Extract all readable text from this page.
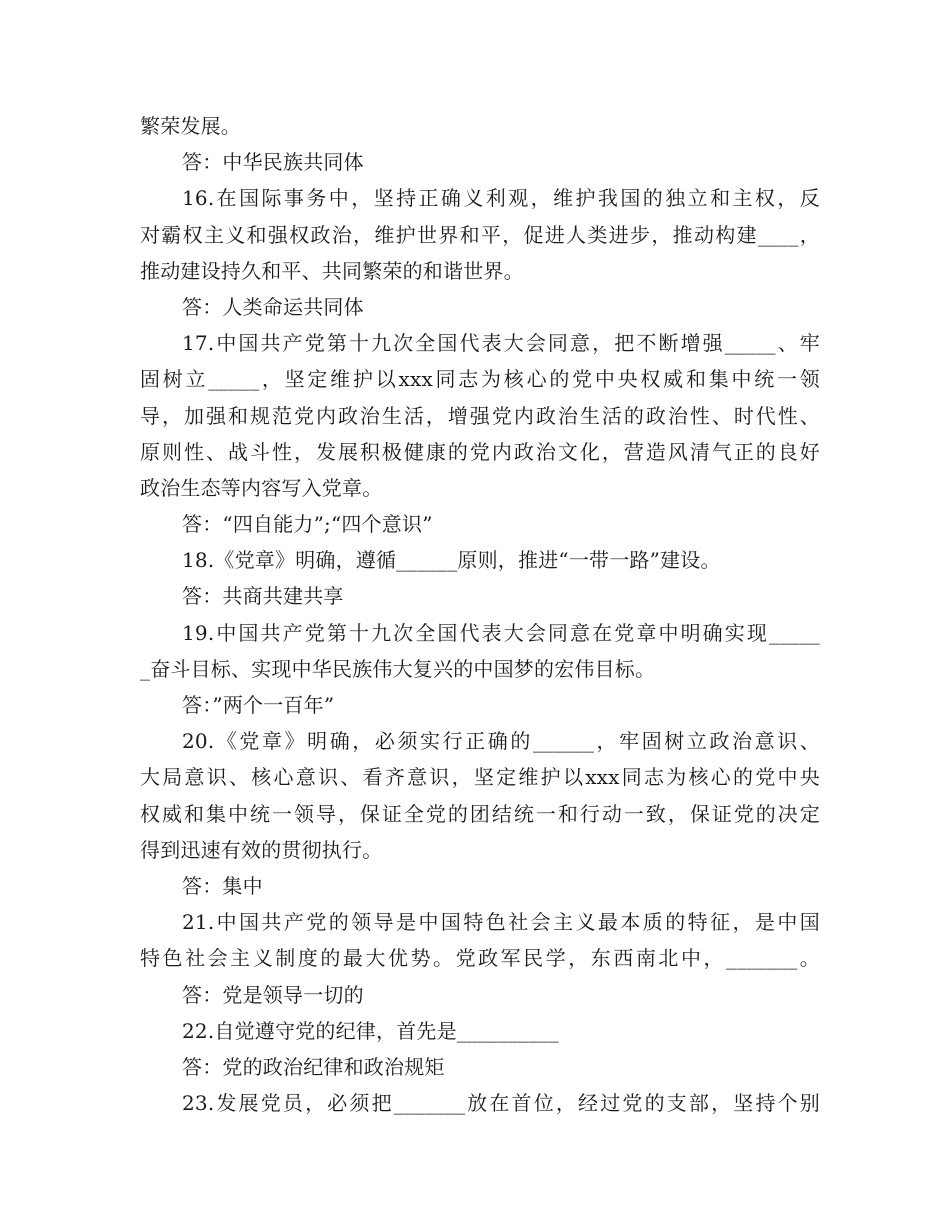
繁荣发展。
答：中华民族共同体
16.在国际事务中，坚持正确义利观，维护我国的独立和主权，反
对霸权主义和强权政治，维护世界和平，促进人类进步，推动构建____，
推动建设持久和平、共同繁荣的和谐世界。
答：人类命运共同体
17.中国共产党第十九次全国代表大会同意，把不断增强_____、牢
固树立_____，坚定维护以xxx同志为核心的党中央权威和集中统一领
导，加强和规范党内政治生活，增强党内政治生活的政治性、时代性、
原则性、战斗性，发展积极健康的党内政治文化，营造风清气正的良好
政治生态等内容写入党章。
答：“四自能力”;“四个意识”
18.《党章》明确，遵循______原则，推进“一带一路”建设。
答：共商共建共享
19.中国共产党第十九次全国代表大会同意在党章中明确实现_____
_奋斗目标、实现中华民族伟大复兴的中国梦的宏伟目标。
答：”两个一百年”
20.《党章》明确，必须实行正确的______，牢固树立政治意识、
大局意识、核心意识、看齐意识，坚定维护以xxx同志为核心的党中央
权威和集中统一领导，保证全党的团结统一和行动一致，保证党的决定
得到迅速有效的贯彻执行。
答：集中
21.中国共产党的领导是中国特色社会主义最本质的特征，是中国
特色社会主义制度的最大优势。党政军民学，东西南北中，_______。
答：党是领导一切的
22.自觉遵守党的纪律，首先是__________
答：党的政治纪律和政治规矩
23.发展党员，必须把_______放在首位，经过党的支部，坚持个别
